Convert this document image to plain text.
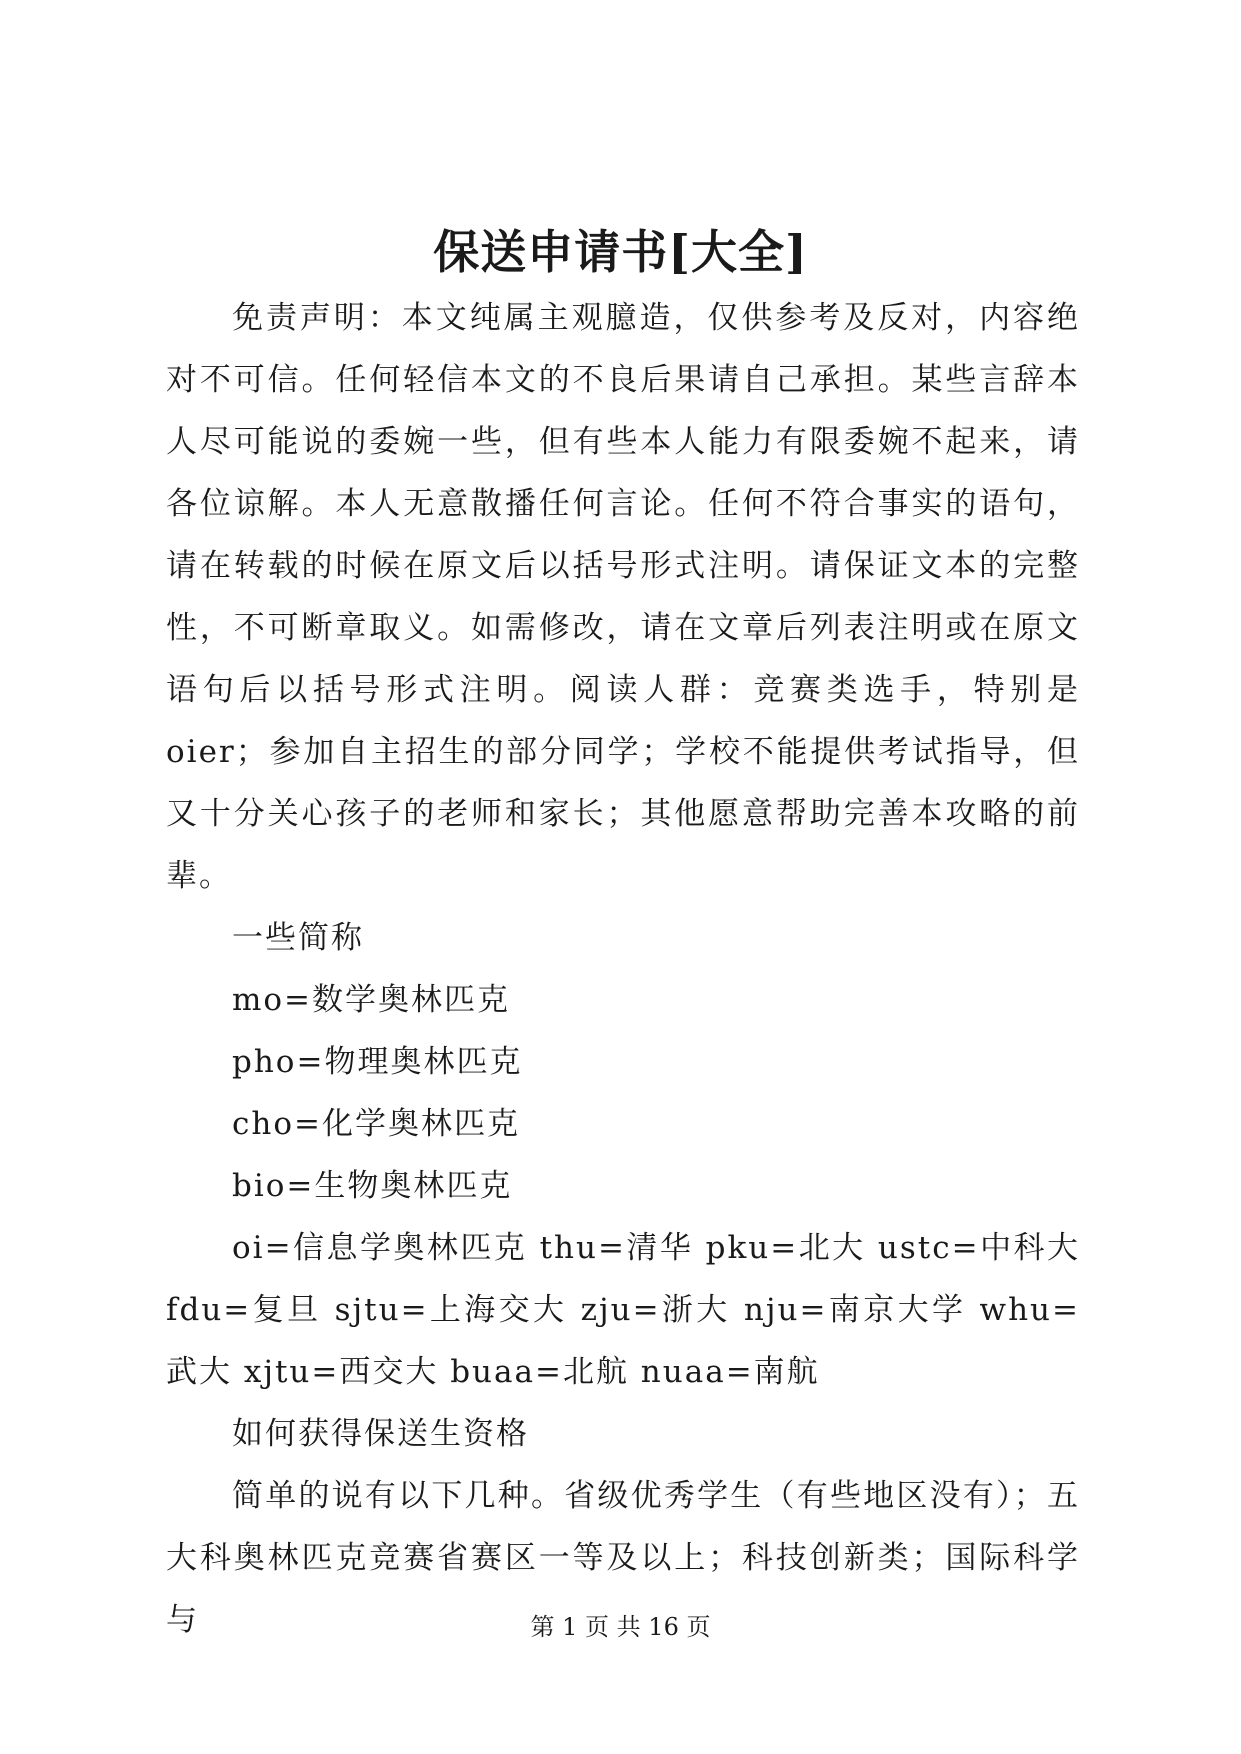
保送申请书[大全]

免责声明：本文纯属主观臆造，仅供参考及反对，内容绝对不可信。任何轻信本文的不良后果请自己承担。某些言辞本人尽可能说的委婉一些，但有些本人能力有限委婉不起来，请各位谅解。本人无意散播任何言论。任何不符合事实的语句，请在转载的时候在原文后以括号形式注明。请保证文本的完整性，不可断章取义。如需修改，请在文章后列表注明或在原文语句后以括号形式注明。阅读人群：竞赛类选手，特别是oier；参加自主招生的部分同学；学校不能提供考试指导，但又十分关心孩子的老师和家长；其他愿意帮助完善本攻略的前辈。

一些简称

mo=数学奥林匹克

pho=物理奥林匹克

cho=化学奥林匹克

bio=生物奥林匹克

oi=信息学奥林匹克 thu=清华 pku=北大 ustc=中科大 fdu=复旦 sjtu=上海交大 zju=浙大 nju=南京大学 whu=武大 xjtu=西交大 buaa=北航 nuaa=南航

如何获得保送生资格

简单的说有以下几种。省级优秀学生（有些地区没有）；五大科奥林匹克竞赛省赛区一等及以上；科技创新类；国际科学与	第 1 页 共 16 页
